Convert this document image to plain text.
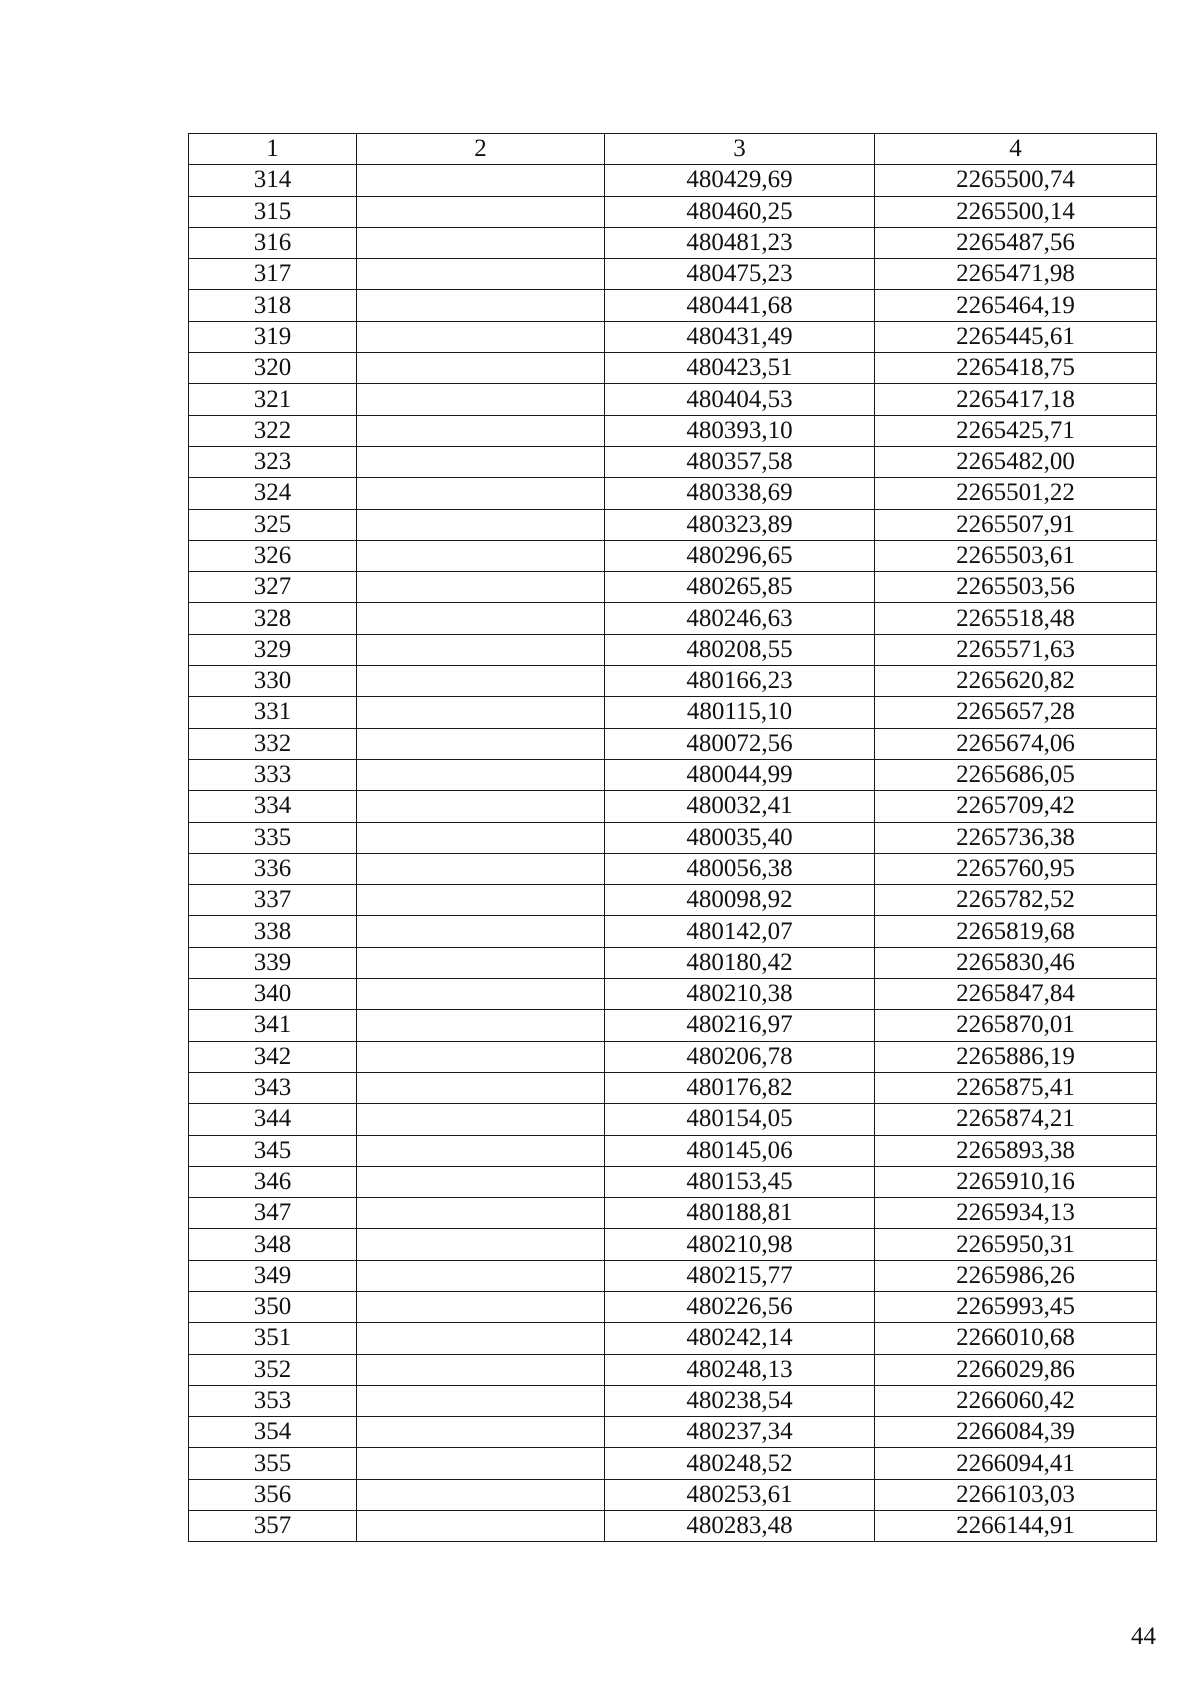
1	2	3	4
314		480429,69	2265500,74
315		480460,25	2265500,14
316		480481,23	2265487,56
317		480475,23	2265471,98
318		480441,68	2265464,19
319		480431,49	2265445,61
320		480423,51	2265418,75
321		480404,53	2265417,18
322		480393,10	2265425,71
323		480357,58	2265482,00
324		480338,69	2265501,22
325		480323,89	2265507,91
326		480296,65	2265503,61
327		480265,85	2265503,56
328		480246,63	2265518,48
329		480208,55	2265571,63
330		480166,23	2265620,82
331		480115,10	2265657,28
332		480072,56	2265674,06
333		480044,99	2265686,05
334		480032,41	2265709,42
335		480035,40	2265736,38
336		480056,38	2265760,95
337		480098,92	2265782,52
338		480142,07	2265819,68
339		480180,42	2265830,46
340		480210,38	2265847,84
341		480216,97	2265870,01
342		480206,78	2265886,19
343		480176,82	2265875,41
344		480154,05	2265874,21
345		480145,06	2265893,38
346		480153,45	2265910,16
347		480188,81	2265934,13
348		480210,98	2265950,31
349		480215,77	2265986,26
350		480226,56	2265993,45
351		480242,14	2266010,68
352		480248,13	2266029,86
353		480238,54	2266060,42
354		480237,34	2266084,39
355		480248,52	2266094,41
356		480253,61	2266103,03
357		480283,48	2266144,91
44
